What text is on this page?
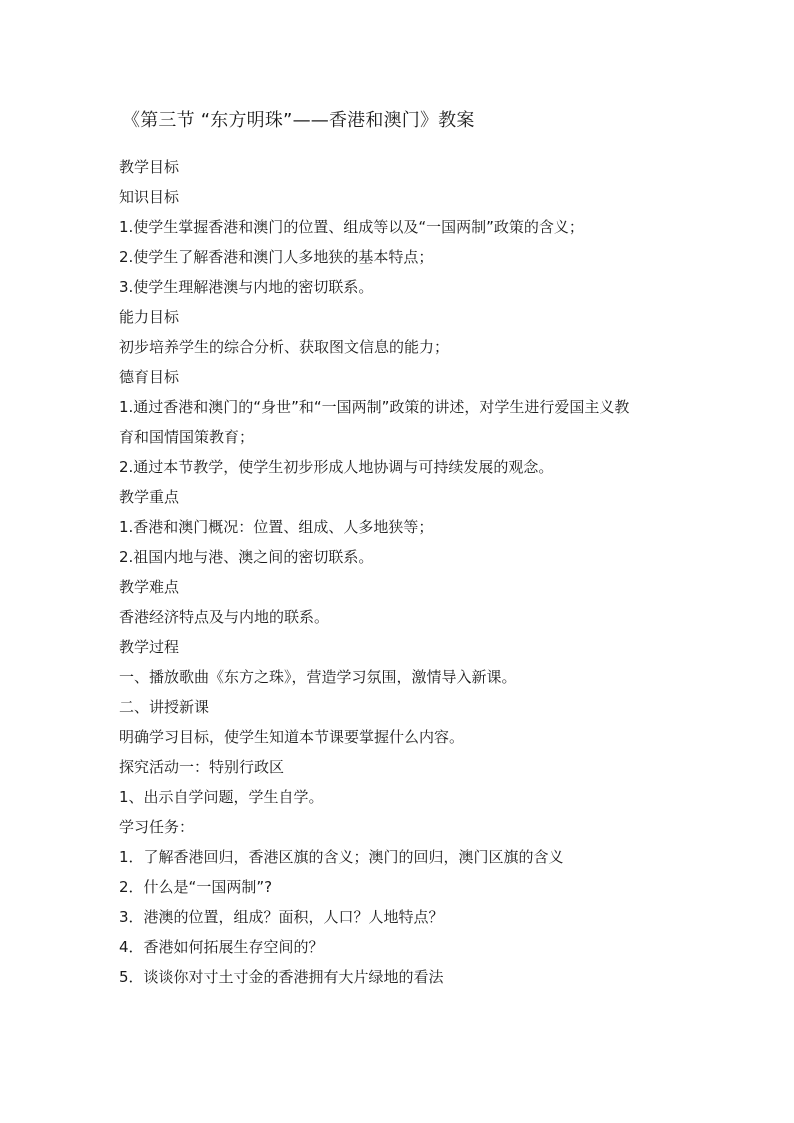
《第三节 “东方明珠”——香港和澳门》教案
教学目标
知识目标
1.使学生掌握香港和澳门的位置、组成等以及“一国两制”政策的含义；
2.使学生了解香港和澳门人多地狭的基本特点；
3.使学生理解港澳与内地的密切联系。
能力目标
初步培养学生的综合分析、获取图文信息的能力；
德育目标
1.通过香港和澳门的“身世”和“一国两制”政策的讲述，对学生进行爱国主义教
育和国情国策教育；
2.通过本节教学，使学生初步形成人地协调与可持续发展的观念。
教学重点
1.香港和澳门概况：位置、组成、人多地狭等；
2.祖国内地与港、澳之间的密切联系。
教学难点
香港经济特点及与内地的联系。
教学过程
一、播放歌曲《东方之珠》，营造学习氛围，激情导入新课。
二、讲授新课
明确学习目标，使学生知道本节课要掌握什么内容。
探究活动一：特别行政区
1、出示自学问题，学生自学。
学习任务：
1．了解香港回归，香港区旗的含义；澳门的回归，澳门区旗的含义
2．什么是“一国两制”?
3．港澳的位置，组成？面积，人口？人地特点？
4．香港如何拓展生存空间的？
5．谈谈你对寸土寸金的香港拥有大片绿地的看法
